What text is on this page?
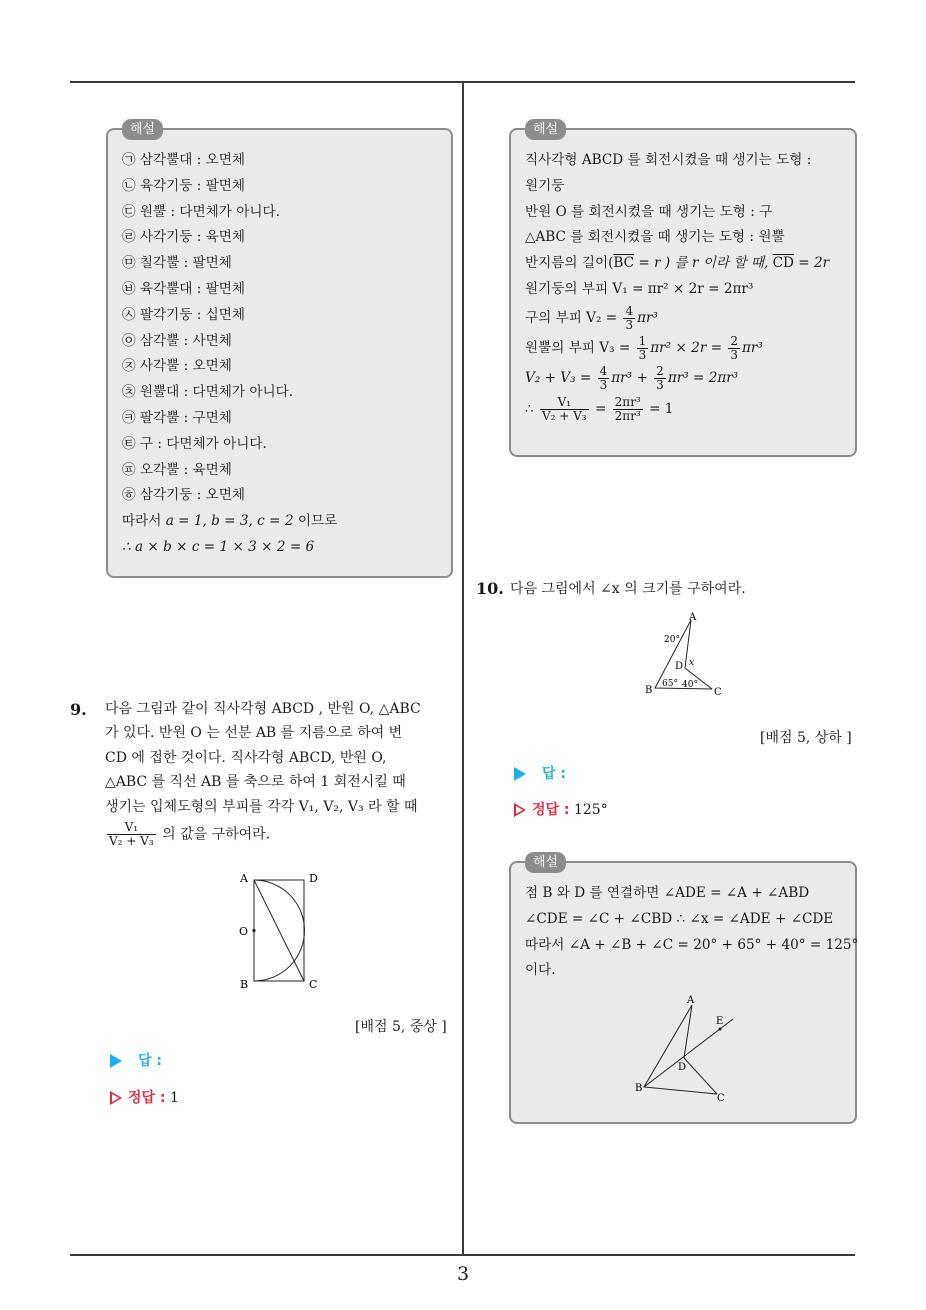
3
해설
㉠ 삼각뿔대 : 오면체
㉡ 육각기둥 : 팔면체
㉢ 원뿔 : 다면체가 아니다.
㉣ 사각기둥 : 육면체
㉤ 칠각뿔 : 팔면체
㉥ 육각뿔대 : 팔면체
㉦ 팔각기둥 : 십면체
㉧ 삼각뿔 : 사면체
㉨ 사각뿔 : 오면체
㉩ 원뿔대 : 다면체가 아니다.
㉪ 팔각뿔 : 구면체
㉫ 구 : 다면체가 아니다.
㉬ 오각뿔 : 육면체
㉭ 삼각기둥 : 오면체
따라서 a = 1, b = 3, c = 2 이므로
∴ a × b × c = 1 × 3 × 2 = 6
9. 다음 그림과 같이 직사각형 ABCD , 반원 O, △ABC
가 있다. 반원 O 는 선분 AB 를 지름으로 하여 변
CD 에 접한 것이다. 직사각형 ABCD, 반원 O,
△ABC 를 직선 AB 를 축으로 하여 1 회전시킬 때
생기는 입체도형의 부피를 각각 V₁, V₂, V₃ 라 할 때
$\frac{\text{V₁}}{\text{V₂ + V₃}}$ 의 값을 구하여라.
A	D
O
B	C
[배점 5, 중상 ]
답 :
정답 : 1
해설
직사각형 ABCD 를 회전시켰을 때 생기는 도형 :
원기둥
반원 O 를 회전시켰을 때 생기는 도형 : 구
△ABC 를 회전시켰을 때 생기는 도형 : 원뿔
반지름의 길이($\overline{BC} = r$ ) 를 r 이라 할 때, $\overline{CD} = 2r$
원기둥의 부피 V₁ = πr² × 2r = 2πr³
구의 부피 $V_2 = \frac{4}{3} \pi r^3$
원뿔의 부피 $V_3 = \frac{1}{3} \pi r^2 \times 2r = \frac{2}{3} \pi r^3$
$V_2 + V_3 = \frac{4}{3} \pi r^3 + \frac{2}{3} \pi r^3 = 2\pi r^3$
∴ $\frac{\text{V₁}}{\text{V₂ + V₃}} = \frac{\text{2πr³}}{\text{2πr³}} = 1$
10. 다음 그림에서 ∠x 의 크기를 구하여라.
A
20°
D x
65° 40°
B	C
[배점 5, 상하 ]
답 :
정답 : 125°
해설
점 B 와 D 를 연결하면 ∠ADE = ∠A + ∠ABD
∠CDE = ∠C + ∠CBD ∴ ∠x = ∠ADE + ∠CDE
따라서 ∠A + ∠B + ∠C = 20° + 65° + 40° = 125°
이다.
A
E
D
B
C
